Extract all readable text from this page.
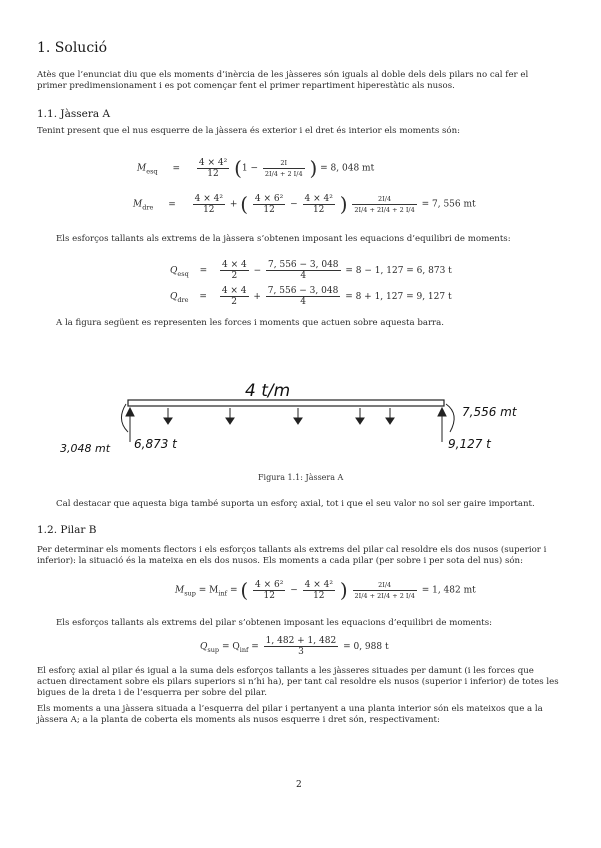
1. Solució
Atès que l’enunciat diu que els moments d’inèrcia de les jàsseres són iguals al doble dels dels pilars no cal fer el primer predimensionament i es pot començar fent el primer repartiment hiperestàtic als nusos.
1.1. Jàssera A
Tenint present que el nus esquerre de la jàssera és exterior i el dret és interior els moments són:
$M_{esq} = \frac{\text{4 × 4²}}{12} (1 - \frac{2I}{2I/4 + 2 I/4}$ ) = 8, 048 mt
$M_{dre} = \frac{\text{4 × 4²}}{12}$ + ( $\frac{\text{4 × 6²}}{12} - \frac{\text{4 × 4²}}{12}$ ) $\frac{2I/4}{2I/4 + 2I/4 + 2 I/4} = 7$, 556 mt
Els esforços tallants als extrems de la jàssera s’obtenen imposant les equacions d’equilibri de moments:
$Q_{esq} = \frac{4 \times 4}{2} - \frac{7, 556 - 3, 048}{4} = 8 - 1$, 127 = 6, 873 t
$Q_{dre} = \frac{4 \times 4}{2} + \frac{7, 556 - 3, 048}{4} = 8 + 1$, 127 = 9, 127 t
A la figura següent es representen les forces i moments que actuen sobre aquesta barra.
4 t/m
3,048 mt 6,873 t
7,556 mt
9,127 t
Figura 1.1: Jàssera A
Cal destacar que aquesta biga també suporta un esforç axial, tot i que el seu valor no sol ser gaire important.
1.2. Pilar B
Per determinar els moments flectors i els esforços tallants als extrems del pilar cal resoldre els dos nusos (superior i inferior): la situació és la mateixa en els dos nusos. Els moments a cada pilar (per sobre i per sota del nus) són:
$M_{sup} = M_{inf}$ = ( $\frac{\text{4 × 6²}}{12} - \frac{\text{4 × 4²}}{12}$ ) $\frac{2I/4}{2I/4 + 2I/4 + 2 I/4} = 1$, 482 mt
Els esforços tallants als extrems del pilar s’obtenen imposant les equacions d’equilibri de moments:
$Q_{sup} = Q_{inf} = \frac{1, 482 + 1, 482}{3} = 0$, 988 t
El esforç axial al pilar és igual a la suma dels esforços tallants a les jàsseres situades per damunt (i les forces que actuen directament sobre els pilars superiors si n’hi ha), per tant cal resoldre els nusos (superior i inferior) de totes les bigues de la dreta i de l’esquerra per sobre del pilar.
Els moments a una jàssera situada a l’esquerra del pilar i pertanyent a una planta interior són els mateixos que a la jàssera A; a la planta de coberta els moments als nusos esquerre i dret són, respectivament:
2
